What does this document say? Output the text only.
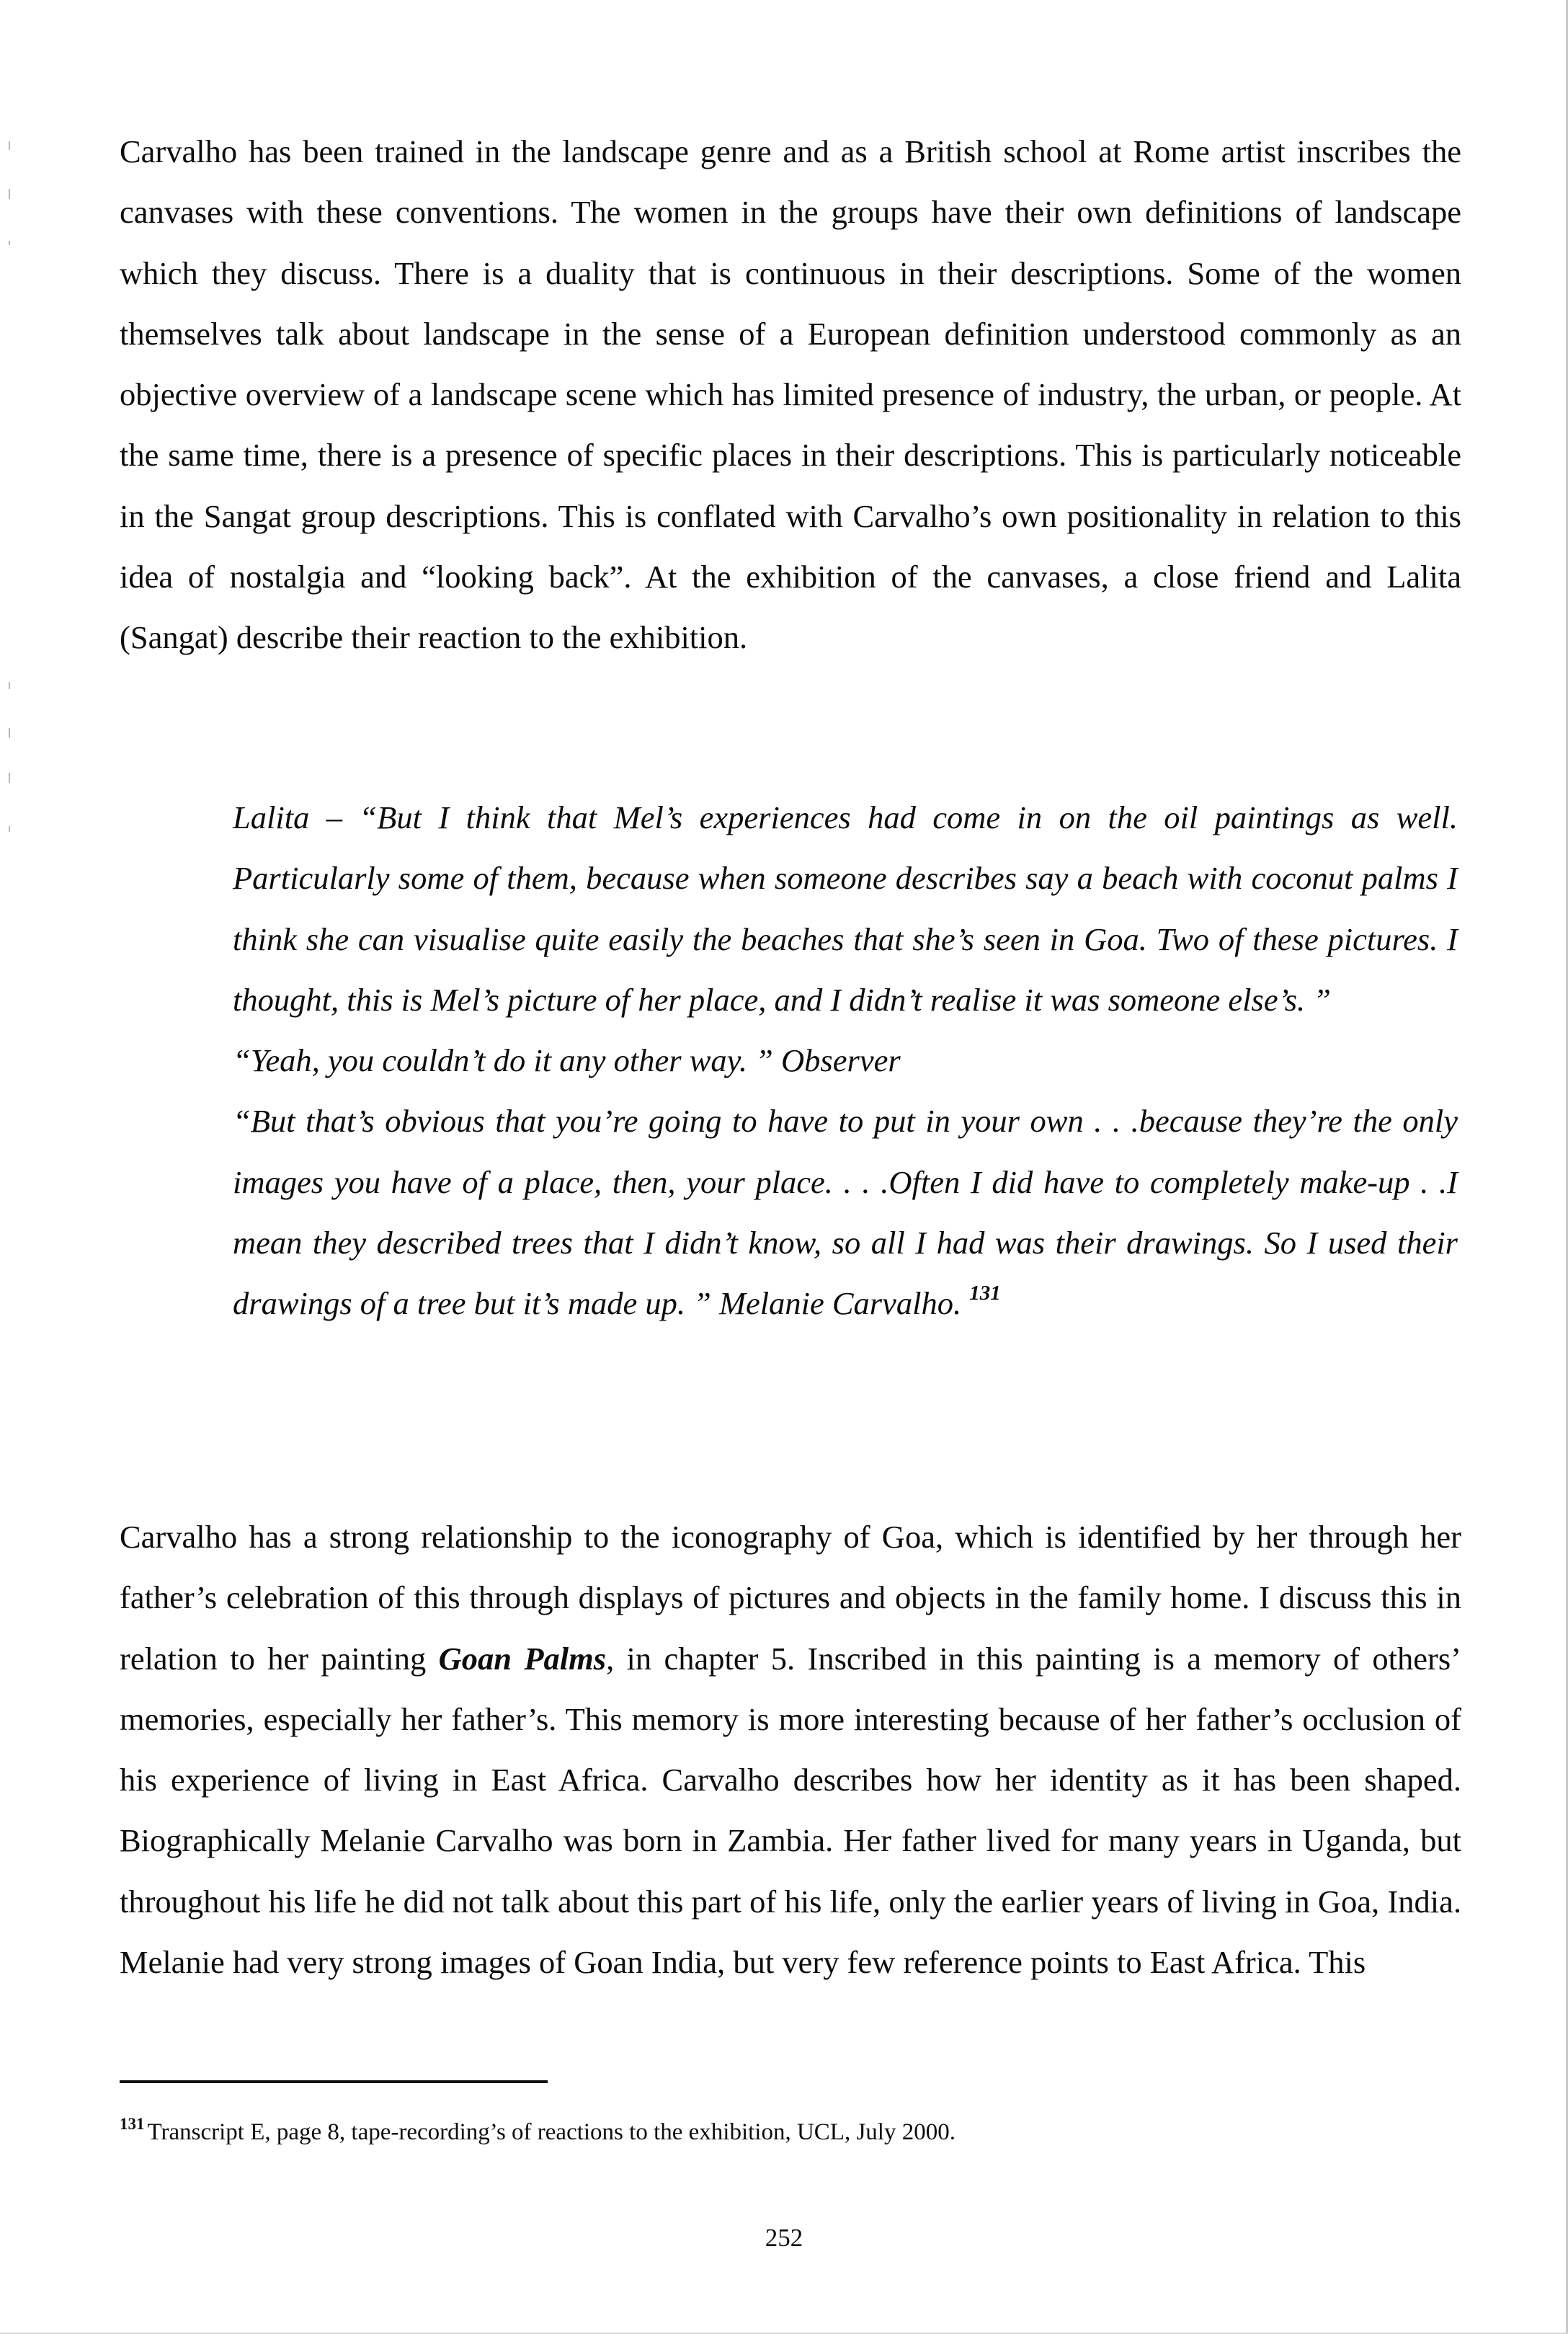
Carvalho has been trained in the landscape genre and as a British school at Rome artist inscribes the canvases with these conventions. The women in the groups have their own definitions of landscape which they discuss. There is a duality that is continuous in their descriptions. Some of the women themselves talk about landscape in the sense of a European definition understood commonly as an objective overview of a landscape scene which has limited presence of industry, the urban, or people. At the same time, there is a presence of specific places in their descriptions. This is particularly noticeable in the Sangat group descriptions. This is conflated with Carvalho’s own positionality in relation to this idea of nostalgia and “looking back”. At the exhibition of the canvases, a close friend and Lalita (Sangat) describe their reaction to the exhibition.

Lalita – “But I think that Mel’s experiences had come in on the oil paintings as well. Particularly some of them, because when someone describes say a beach with coconut palms I think she can visualise quite easily the beaches that she’s seen in Goa. Two of these pictures. I thought, this is Mel’s picture of her place, and I didn’t realise it was someone else’s. ”
“Yeah, you couldn’t do it any other way. ” Observer
“But that’s obvious that you’re going to have to put in your own . . .because they’re the only images you have of a place, then, your place. . . .Often I did have to completely make-up . .I mean they described trees that I didn’t know, so all I had was their drawings. So I used their drawings of a tree but it’s made up. ” Melanie Carvalho. $^{131}$

Carvalho has a strong relationship to the iconography of Goa, which is identified by her through her father’s celebration of this through displays of pictures and objects in the family home. I discuss this in relation to her painting Goan Palms, in chapter 5. Inscribed in this painting is a memory of others’ memories, especially her father’s. This memory is more interesting because of her father’s occlusion of his experience of living in East Africa. Carvalho describes how her identity as it has been shaped. Biographically Melanie Carvalho was born in Zambia. Her father lived for many years in Uganda, but throughout his life he did not talk about this part of his life, only the earlier years of living in Goa, India. Melanie had very strong images of Goan India, but very few reference points to East Africa. This

$^{131}$ Transcript E, page 8, tape-recording’s of reactions to the exhibition, UCL, July 2000.

252
